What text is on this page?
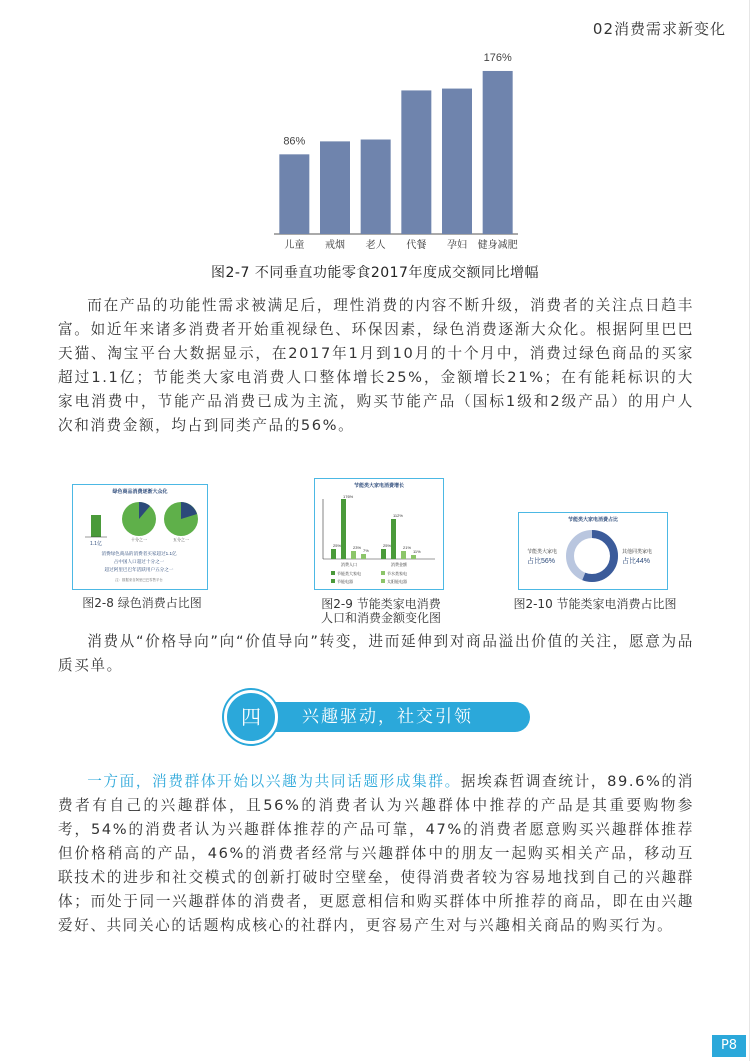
02消费需求新变化
儿童
86%
戒烟 老人 代餐 孕妇 健身减肥
176%
图2-7 不同垂直功能零食2017年度成交额同比增幅
而在产品的功能性需求被满足后，理性消费的内容不断升级，消费者的关注点日趋丰富。如近年来诸多消费者开始重视绿色、环保因素，绿色消费逐渐大众化。根据阿里巴巴天猫、淘宝平台大数据显示，在2017年1月到10月的十个月中，消费过绿色商品的买家超过1.1亿；节能类大家电消费人口整体增长25%，金额增长21%；在有能耗标识的大家电消费中，节能产品消费已成为主流，购买节能产品（国标1级和2级产品）的用户人次和消费金额，均占到同类产品的56%。
绿色商品消费逐渐大众化
1.1亿
十分之一	五分之一
消费绿色商品的消费者买家超过1.1亿
占中国人口超过十分之一
超过阿里巴巴年活跃用户五分之一
注：数据来自阿里巴巴零售平台
节能类大家电消费增长
25%
176%
23%
7%
25%
112%
21%
11%
消费人口	消费金额
节能类大家电	节水类家电
节能电器	太阳能电器
节能类大家电消费占比
节能类大家电
占比56%
其他同类家电
占比44%
图2-8 绿色消费占比图	图2-9 节能类家电消费
人口和消费金额变化图
图2-10 节能类家电消费占比图
消费从“价格导向”向“价值导向”转变，进而延伸到对商品溢出价值的关注，愿意为品质买单。
四	兴趣驱动，社交引领
一方面，消费群体开始以兴趣为共同话题形成集群。据埃森哲调查统计，89.6%的消费者有自己的兴趣群体，且56%的消费者认为兴趣群体中推荐的产品是其重要购物参考，54%的消费者认为兴趣群体推荐的产品可靠，47%的消费者愿意购买兴趣群体推荐但价格稍高的产品，46%的消费者经常与兴趣群体中的朋友一起购买相关产品，移动互联技术的进步和社交模式的创新打破时空壁垒，使得消费者较为容易地找到自己的兴趣群体；而处于同一兴趣群体的消费者，更愿意相信和购买群体中所推荐的商品，即在由兴趣爱好、共同关心的话题构成核心的社群内，更容易产生对与兴趣相关商品的购买行为。
P8
